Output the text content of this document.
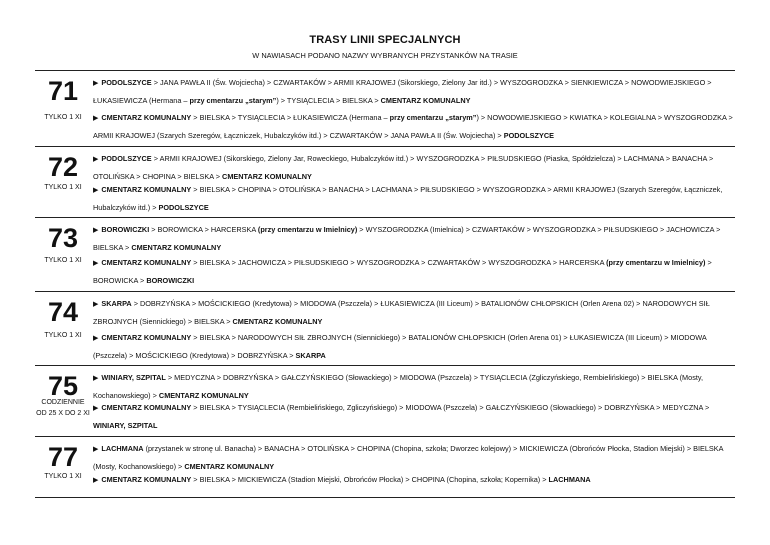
TRASY LINII SPECJALNYCH
W NAWIASACH PODANO NAZWY WYBRANYCH PRZYSTANKÓW NA TRASIE
71
TYLKO 1 XI
▶ PODOLSZYCE > JANA PAWŁA II (Św. Wojciecha) > CZWARTAKÓW > ARMII KRAJOWEJ (Sikorskiego, Zielony Jar itd.) > WYSZOGRODZKA > SIENKIEWICZA > NOWODWIEJSKIEGO > ŁUKASIEWICZA (Hermana – przy cmentarzu „starym”) > TYSIĄCLECIA > BIELSKA > CMENTARZ KOMUNALNY
▶ CMENTARZ KOMUNALNY > BIELSKA > TYSIĄCLECIA > ŁUKASIEWICZA (Hermana – przy cmentarzu „starym”) > NOWODWIEJSKIEGO > KWIATKA > KOLEGIALNA > WYSZOGRODZKA > ARMII KRAJOWEJ (Szarych Szeregów, Łączniczek, Hubalczyków itd.) > CZWARTAKÓW > JANA PAWŁA II (Św. Wojciecha) > PODOLSZYCE
72
TYLKO 1 XI
▶ PODOLSZYCE > ARMII KRAJOWEJ (Sikorskiego, Zielony Jar, Roweckiego, Hubalczyków itd.) > WYSZOGRODZKA > PIŁSUDSKIEGO (Piaska, Spółdzielcza) > LACHMANA > BANACHA > OTOLIŃSKA > CHOPINA > BIELSKA > CMENTARZ KOMUNALNY
▶ CMENTARZ KOMUNALNY > BIELSKA > CHOPINA > OTOLIŃSKA > BANACHA > LACHMANA > PIŁSUDSKIEGO > WYSZOGRODZKA > ARMII KRAJOWEJ (Szarych Szeregów, Łączniczek, Hubalczyków itd.) > PODOLSZYCE
73
TYLKO 1 XI
▶ BOROWICZKI > BOROWICKA > HARCERSKA (przy cmentarzu w Imielnicy) > WYSZOGRODZKA (Imielnica) > CZWARTAKÓW > WYSZOGRODZKA > PIŁSUDSKIEGO > JACHOWICZA > BIELSKA > CMENTARZ KOMUNALNY
▶ CMENTARZ KOMUNALNY > BIELSKA > JACHOWICZA > PIŁSUDSKIEGO > WYSZOGRODZKA > CZWARTAKÓW > WYSZOGRODZKA > HARCERSKA (przy cmentarzu w Imielnicy) > BOROWICKA > BOROWICZKI
74
TYLKO 1 XI
▶ SKARPA > DOBRZYŃSKA > MOŚCICKIEGO (Kredytowa) > MIODOWA (Pszczela) > ŁUKASIEWICZA (III Liceum) > BATALIONÓW CHŁOPSKICH (Orlen Arena 02) > NARODOWYCH SIŁ ZBROJNYCH (Siennickiego) > BIELSKA > CMENTARZ KOMUNALNY
▶ CMENTARZ KOMUNALNY > BIELSKA > NARODOWYCH SIŁ ZBROJNYCH (Siennickiego) > BATALIONÓW CHŁOPSKICH (Orlen Arena 01) > ŁUKASIEWICZA (III Liceum) > MIODOWA (Pszczela) > MOŚCICKIEGO (Kredytowa) > DOBRZYŃSKA > SKARPA
75
CODZIENNIE
OD 25 X DO 2 XI
▶ WINIARY, SZPITAL > MEDYCZNA > DOBRZYŃSKA > GAŁCZYŃSKIEGO (Słowackiego) > MIODOWA (Pszczela) > TYSIĄCLECIA (Zgliczyńskiego, Rembielińskiego) > BIELSKA (Mosty, Kochanowskiego) > CMENTARZ KOMUNALNY
▶ CMENTARZ KOMUNALNY > BIELSKA > TYSIĄCLECIA (Rembielińskiego, Zgliczyńskiego) > MIODOWA (Pszczela) > GAŁCZYŃSKIEGO (Słowackiego) > DOBRZYŃSKA > MEDYCZNA > WINIARY, SZPITAL
77
TYLKO 1 XI
▶ LACHMANA (przystanek w stronę ul. Banacha) > BANACHA > OTOLIŃSKA > CHOPINA (Chopina, szkoła; Dworzec kolejowy) > MICKIEWICZA (Obrońców Płocka, Stadion Miejski) > BIELSKA (Mosty, Kochanowskiego) > CMENTARZ KOMUNALNY
▶ CMENTARZ KOMUNALNY > BIELSKA > MICKIEWICZA (Stadion Miejski, Obrońców Płocka) > CHOPINA (Chopina, szkoła; Kopernika) > LACHMANA
